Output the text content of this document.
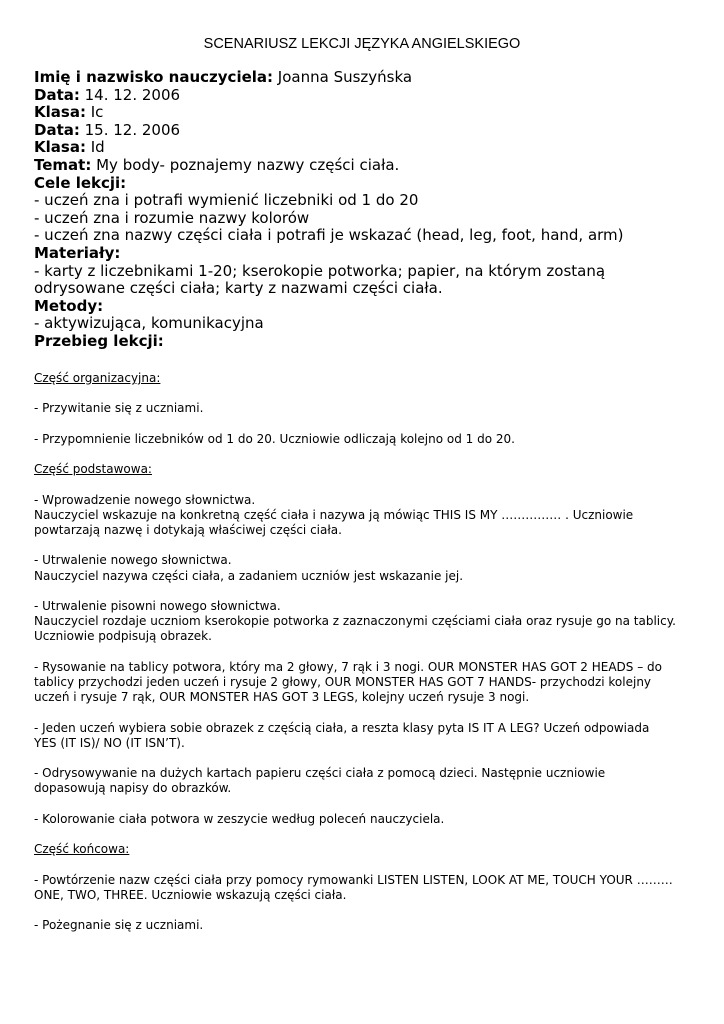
SCENARIUSZ LEKCJI JĘZYKA ANGIELSKIEGO
Imię i nazwisko nauczyciela: Joanna Suszyńska
Data: 14. 12. 2006
Klasa: Ic
Data: 15. 12. 2006
Klasa: Id
Temat: My body- poznajemy nazwy części ciała.
Cele lekcji:
- uczeń zna i potrafi wymienić liczebniki od 1 do 20
- uczeń zna i rozumie nazwy kolorów
- uczeń zna nazwy części ciała i potrafi je wskazać (head, leg, foot, hand, arm)
Materiały:
- karty z liczebnikami 1-20; kserokopie potworka; papier, na którym zostaną
odrysowane części ciała; karty z nazwami części ciała.
Metody:
- aktywizująca, komunikacyjna
Przebieg lekcji:

Część organizacyjna:

- Przywitanie się z uczniami.

- Przypomnienie liczebników od 1 do 20. Uczniowie odliczają kolejno od 1 do 20.

Część podstawowa:

- Wprowadzenie nowego słownictwa.
Nauczyciel wskazuje na konkretną część ciała i nazywa ją mówiąc THIS IS MY …………… . Uczniowie
powtarzają nazwę i dotykają właściwej części ciała.

- Utrwalenie nowego słownictwa.
Nauczyciel nazywa części ciała, a zadaniem uczniów jest wskazanie jej.

- Utrwalenie pisowni nowego słownictwa.
Nauczyciel rozdaje uczniom kserokopie potworka z zaznaczonymi częściami ciała oraz rysuje go na tablicy.
Uczniowie podpisują obrazek.

- Rysowanie na tablicy potwora, który ma 2 głowy, 7 rąk i 3 nogi. OUR MONSTER HAS GOT 2 HEADS – do
tablicy przychodzi jeden uczeń i rysuje 2 głowy, OUR MONSTER HAS GOT 7 HANDS- przychodzi kolejny
uczeń i rysuje 7 rąk, OUR MONSTER HAS GOT 3 LEGS, kolejny uczeń rysuje 3 nogi.

- Jeden uczeń wybiera sobie obrazek z częścią ciała, a reszta klasy pyta IS IT A LEG? Uczeń odpowiada
YES (IT IS)/ NO (IT ISN’T).

- Odrysowywanie na dużych kartach papieru części ciała z pomocą dzieci. Następnie uczniowie
dopasowują napisy do obrazków.

- Kolorowanie ciała potwora w zeszycie według poleceń nauczyciela.

Część końcowa:

- Powtórzenie nazw części ciała przy pomocy rymowanki LISTEN LISTEN, LOOK AT ME, TOUCH YOUR ………
ONE, TWO, THREE. Uczniowie wskazują części ciała.

- Pożegnanie się z uczniami.
